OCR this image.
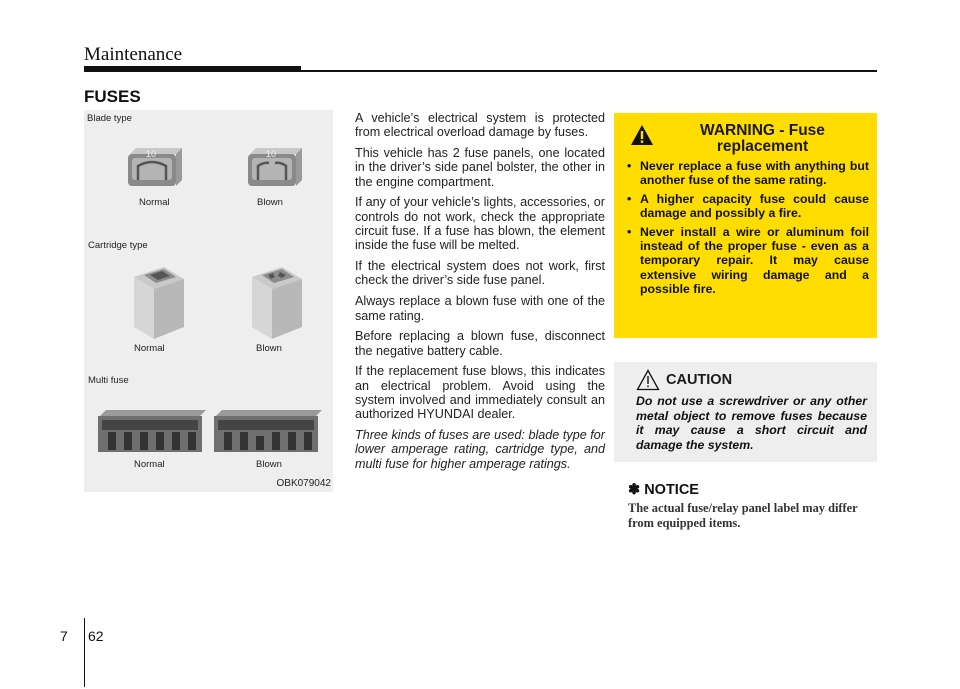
Maintenance
FUSES
Blade type
10	10
Normal	Blown
Cartridge type
Normal	Blown
Multi fuse
Normal	Blown
OBK079042

A vehicle’s electrical system is protected from electrical overload damage by fuses.

This vehicle has 2 fuse panels, one located in the driver’s side panel bolster, the other in the engine compartment.

If any of your vehicle’s lights, accessories, or controls do not work, check the appropriate circuit fuse. If a fuse has blown, the element inside the fuse will be melted.

If the electrical system does not work, first check the driver’s side fuse panel.

Always replace a blown fuse with one of the same rating.

Before replacing a blown fuse, disconnect the negative battery cable.

If the replacement fuse blows, this indicates an electrical problem. Avoid using the system involved and immediately consult an authorized HYUNDAI dealer.

Three kinds of fuses are used: blade type for lower amperage rating, cartridge type, and multi fuse for higher amperage ratings.

WARNING - Fuse replacement
• Never replace a fuse with anything but another fuse of the same rating.
• A higher capacity fuse could cause damage and possibly a fire.
• Never install a wire or aluminum foil instead of the proper fuse - even as a temporary repair. It may cause extensive wiring damage and a possible fire.
CAUTION
Do not use a screwdriver or any other metal object to remove fuses because it may cause a short circuit and damage the system.
✽ NOTICE
The actual fuse/relay panel label may differ from equipped items.
7 62
